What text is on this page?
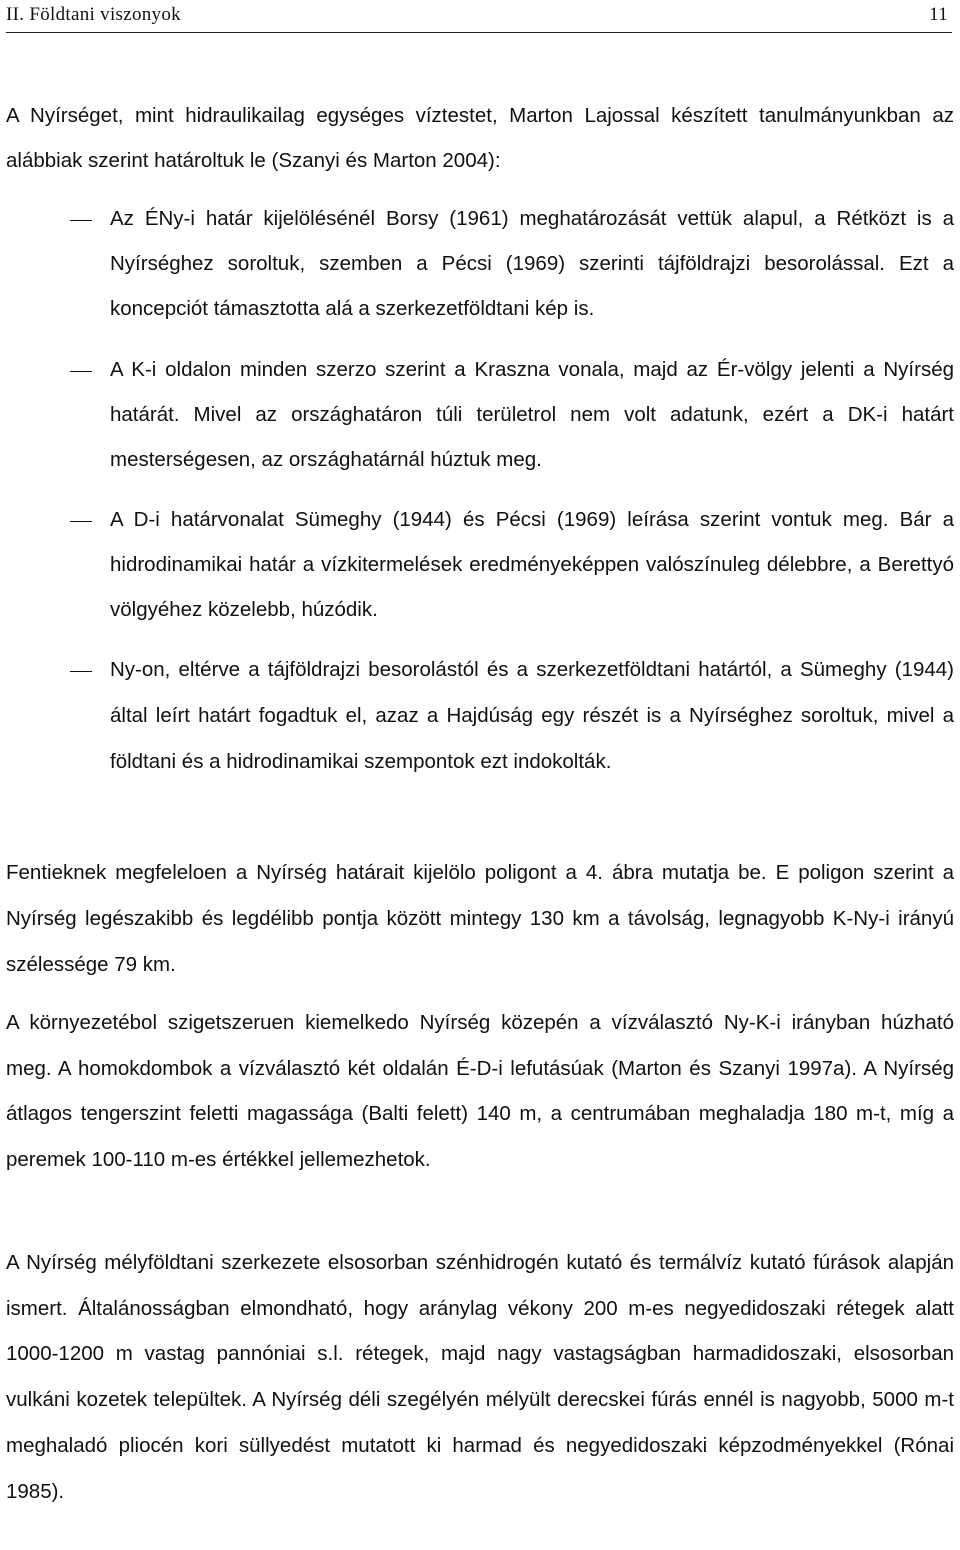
II. Földtani viszonyok	11

A Nyírséget, mint hidraulikailag egységes víztestet, Marton Lajossal készített tanulmányunkban az alábbiak szerint határoltuk le (Szanyi és Marton 2004):

Az ÉNy-i határ kijelölésénél Borsy (1961) meghatározását vettük alapul, a Rétközt is a Nyírséghez soroltuk, szemben a Pécsi (1969) szerinti tájföldrajzi besorolással. Ezt a koncepciót támasztotta alá a szerkezetföldtani kép is.

A K-i oldalon minden szerzo szerint a Kraszna vonala, majd az Ér-völgy jelenti a Nyírség határát. Mivel az országhatáron túli területrol nem volt adatunk, ezért a DK-i határt mesterségesen, az országhatárnál húztuk meg.

A D-i határvonalat Sümeghy (1944) és Pécsi (1969) leírása szerint vontuk meg. Bár a hidrodinamikai határ a vízkitermelések eredményeképpen valószínuleg délebbre, a Berettyó völgyéhez közelebb, húzódik.

Ny-on, eltérve a tájföldrajzi besorolástól és a szerkezetföldtani határtól, a Sümeghy (1944) által leírt határt fogadtuk el, azaz a Hajdúság egy részét is a Nyírséghez soroltuk, mivel a földtani és a hidrodinamikai szempontok ezt indokolták.

Fentieknek megfeleloen a Nyírség határait kijelölo poligont a 4. ábra mutatja be. E poligon szerint a Nyírség legészakibb és legdélibb pontja között mintegy 130 km a távolság, legnagyobb K-Ny-i irányú szélessége 79 km.

A környezetébol szigetszeruen kiemelkedo Nyírség közepén a vízválasztó Ny-K-i irányban húzható meg. A homokdombok a vízválasztó két oldalán É-D-i lefutásúak (Marton és Szanyi 1997a). A Nyírség átlagos tengerszint feletti magassága (Balti felett) 140 m, a centrumában meghaladja 180 m-t, míg a peremek 100-110 m-es értékkel jellemezhetok.

A Nyírség mélyföldtani szerkezete elsosorban szénhidrogén kutató és termálvíz kutató fúrások alapján ismert. Általánosságban elmondható, hogy aránylag vékony 200 m-es negyedidoszaki rétegek alatt 1000-1200 m vastag pannóniai s.l. rétegek, majd nagy vastagságban harmadidoszaki, elsosorban vulkáni kozetek települtek. A Nyírség déli szegélyén mélyült derecskei fúrás ennél is nagyobb, 5000 m-t meghaladó pliocén kori süllyedést mutatott ki harmad és negyedidoszaki képzodményekkel (Rónai 1985).
